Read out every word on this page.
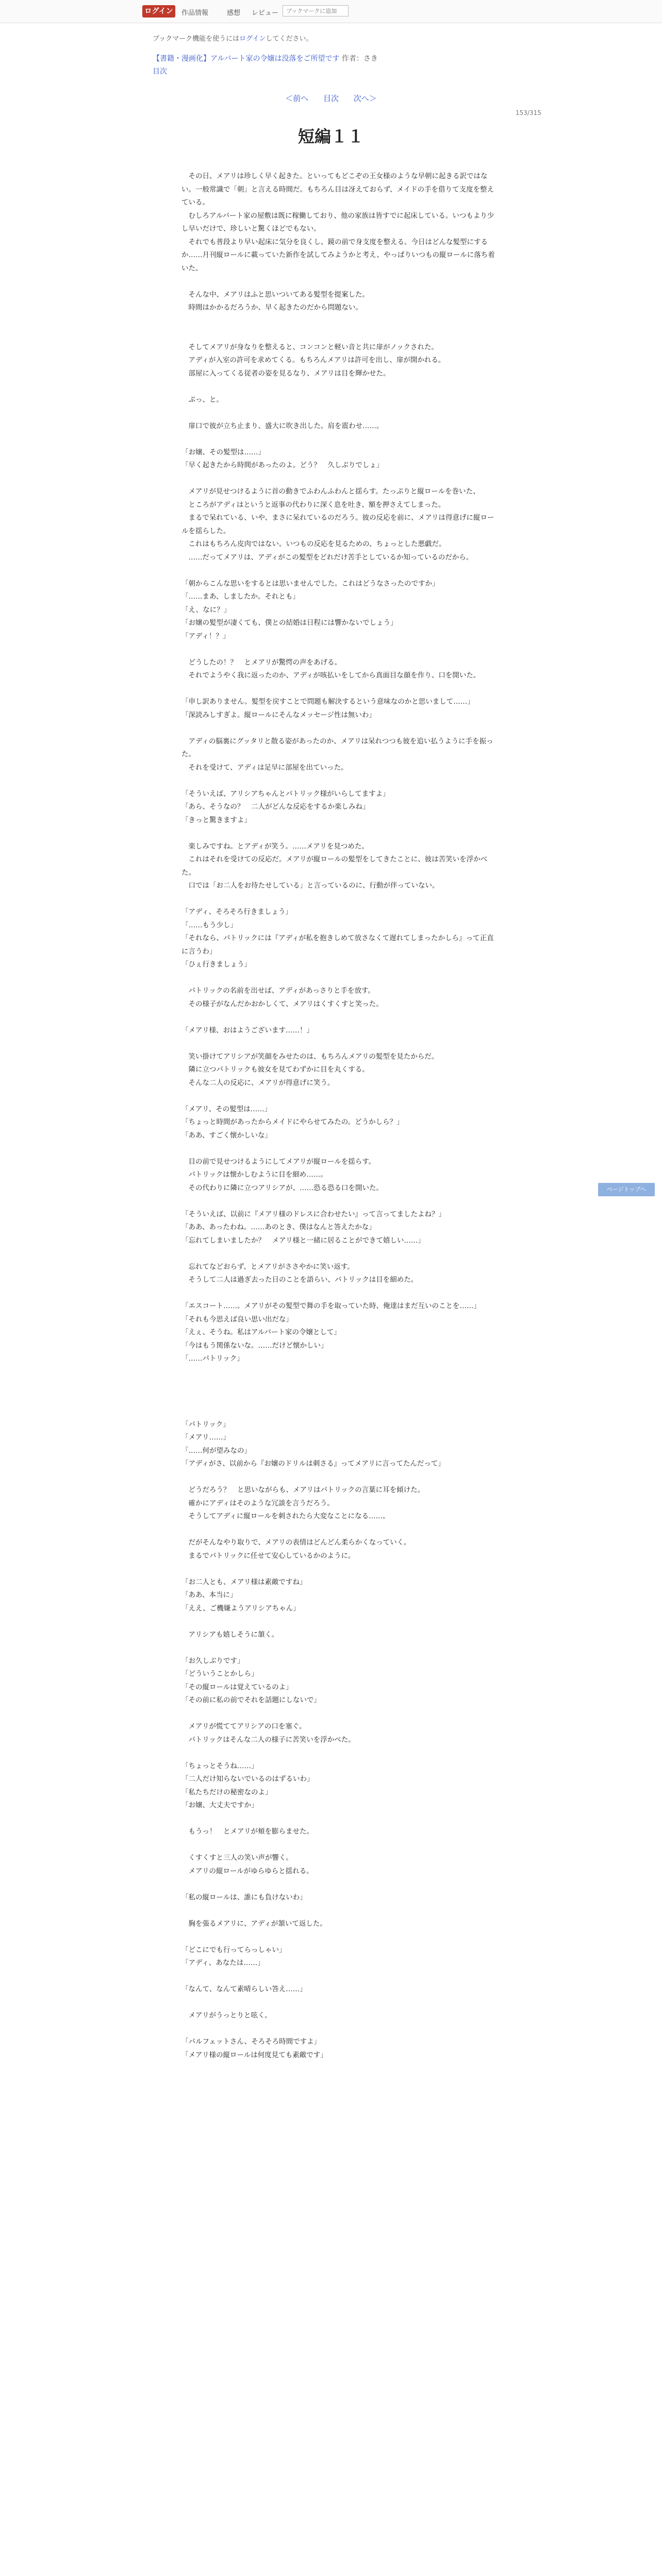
ログイン	作品情報	感想 レビュー
ブックマークに追加
ブックマーク機能を使うにはログインしてください。
【書籍・漫画化】アルバート家の令嬢は没落をご所望です 作者：さき
目次
＜前へ 目次 次へ＞
153/315
短編１１

　その日、メアリは珍しく早く起きた。といってもどこぞの王女様のような早朝に起きる訳ではない。一般常識で「朝」と言える時間だ。もちろん目は冴えておらず、メイドの手を借りて支度を整えている。

　むしろアルバート家の屋敷は既に稼働しており、他の家族は皆すでに起床している。いつもより少し早いだけで、珍しいと驚くほどでもない。

　それでも普段より早い起床に気分を良くし、鏡の前で身支度を整える。今日はどんな髪型にするか……月刊縦ロールに載っていた新作を試してみようかと考え、やっぱりいつもの縦ロールに落ち着いた。

　そんな中、メアリはふと思いついてある髪型を提案した。

　時間はかかるだろうか、早く起きたのだから問題ない。

　そしてメアリが身なりを整えると、コンコンと軽い音と共に扉がノックされた。

　アディが入室の許可を求めてくる。もちろんメアリは許可を出し、扉が開かれる。

　部屋に入ってくる従者の姿を見るなり、メアリは目を輝かせた。

　ぷっ、と。

　扉口で彼が立ち止まり、盛大に吹き出した。肩を震わせ……。

「お嬢、その髪型は……」

「早く起きたから時間があったのよ。どう？　久しぶりでしょ」

　メアリが見せつけるように首の動きでふわんふわんと揺らす。たっぷりと縦ロールを巻いた、

　ところがアディはというと返事の代わりに深く息を吐き、額を押さえてしまった。

　まるで呆れている、いや、まさに呆れているのだろう。彼の反応を前に、メアリは得意げに縦ロールを揺らした。

　これはもちろん皮肉ではない。いつもの反応を見るための、ちょっとした悪戯だ。

　……だってメアリは、アディがこの髪型をどれだけ苦手としているか知っているのだから。

「朝からこんな思いをするとは思いませんでした。これはどうなさったのですか」

「……まあ、しましたか。それとも」

「え、なに？」

「お嬢の髪型が凄くても、僕との結婚は日程には響かないでしょう」

「アディ！？」

　どうしたの！？　とメアリが驚愕の声をあげる。

　それでようやく我に返ったのか、アディが咳払いをしてから真面目な顔を作り、口を開いた。

「申し訳ありません。髪型を戻すことで問題も解決するという意味なのかと思いまして……」

「深読みしすぎよ。縦ロールにそんなメッセージ性は無いわ」

　アディの脳裏にグッタリと散る姿があったのか、メアリは呆れつつも彼を追い払うように手を振った。

　それを受けて、アディは足早に部屋を出ていった。

「そういえば、アリシアちゃんとパトリック様がいらしてますよ」

「あら、そうなの？　二人がどんな反応をするか楽しみね」

「きっと驚きますよ」

　楽しみですね。とアディが笑う。……メアリを見つめた。

　これはそれを受けての反応だ。メアリが縦ロールの髪型をしてきたことに、彼は苦笑いを浮かべた。

　口では「お二人をお待たせしている」と言っているのに、行動が伴っていない。

「アディ、そろそろ行きましょう」

「……もう少し」

「それなら、パトリックには『アディが私を抱きしめて放さなくて遅れてしまったかしら』って正直に言うわ」

「ひぇ行きましょう」

　パトリックの名前を出せば、アディがあっさりと手を放す。

　その様子がなんだかおかしくて、メアリはくすくすと笑った。

「メアリ様、おはようございます……！」

　笑い掛けてアリシアが笑顔をみせたのは、もちろんメアリの髪型を見たからだ。

　隣に立つパトリックも彼女を見てわずかに目を丸くする。

　そんな二人の反応に、メアリが得意げに笑う。

「メアリ、その髪型は……」

「ちょっと時間があったからメイドにやらせてみたの。どうかしら？」

「ああ、すごく懐かしいな」

　目の前で見せつけるようにしてメアリが縦ロールを揺らす。

　パトリックは懐かしむように目を細め……。

　その代わりに隣に立つアリシアが、……恐る恐る口を開いた。

「そういえば、以前に『メアリ様のドレスに合わせたい』って言ってましたよね？」

「ああ、あったわね。……あのとき、僕はなんと答えたかな」

「忘れてしまいましたか？　メアリ様と一緒に居ることができて嬉しい……」

　忘れてなどおらず、とメアリがささやかに笑い返す。

　そうして二人は過ぎ去った日のことを語らい、パトリックは目を細めた。

「エスコート……。メアリがその髪型で舞の手を取っていた時、俺達はまだ互いのことを……」

「それも今思えば良い思い出だな」

「えぇ、そうね。私はアルバート家の令嬢として」

「今はもう関係ないな。……だけど懐かしい」

「……パトリック」

「パトリック」

「メアリ……」

「……何が望みなの」

「アディがさ、以前から『お嬢のドリルは刺さる』ってメアリに言ってたんだって」

　どうだろう？　と思いながらも、メアリはパトリックの言葉に耳を傾けた。

　確かにアディはそのような冗談を言うだろう。

　そうしてアディに縦ロールを刺されたら大変なことになる……。

　だがそんなやり取りで、メアリの表情はどんどん柔らかくなっていく。

　まるでパトリックに任せて安心しているかのように。

「お二人とも、メアリ様は素敵ですね」

「ああ、本当に」

「ええ、ご機嫌ようアリシアちゃん」

　アリシアも嬉しそうに頷く。

「お久しぶりです」

「どういうことかしら」

「その縦ロールは覚えているのよ」

「その前に私の前でそれを話題にしないで」

　メアリが慌ててアリシアの口を塞ぐ。

　パトリックはそんな二人の様子に苦笑いを浮かべた。

「ちょっとそうね……」

「二人だけ知らないでいるのはずるいわ」

「私たちだけの秘密なのよ」

「お嬢、大丈夫ですか」

　もうっ！　とメアリが頬を膨らませた。

　くすくすと三人の笑い声が響く。

　メアリの縦ロールがゆらゆらと揺れる。

「私の縦ロールは、誰にも負けないわ」

　胸を張るメアリに、アディが頷いて返した。

「どこにでも行ってらっしゃい」

「アディ、あなたは……」

「なんて、なんて素晴らしい答え……」

　メアリがうっとりと呟く。

「パルフェットさん、そろそろ時間ですよ」

「メアリ様の縦ロールは何度見ても素敵です」

ページトップへ
